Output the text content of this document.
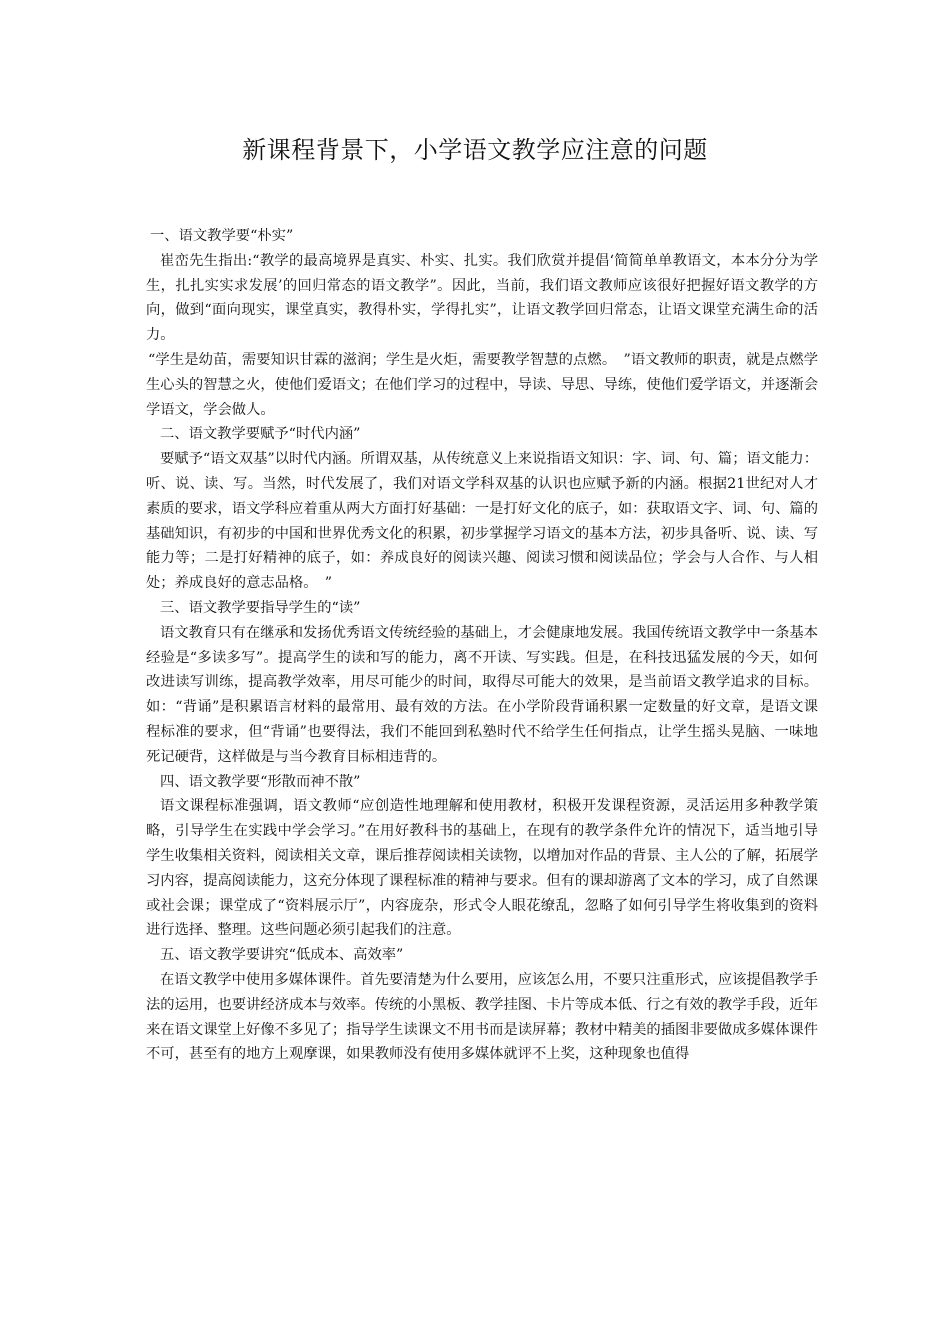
新课程背景下，小学语文教学应注意的问题

一、语文教学要“朴实”

崔峦先生指出:“教学的最高境界是真实、朴实、扎实。我们欣赏并提倡‘简简单单教语文，本本分分为学生，扎扎实实求发展’的回归常态的语文教学”。因此，当前，我们语文教师应该很好把握好语文教学的方向，做到“面向现实，课堂真实，教得朴实，学得扎实”，让语文教学回归常态，让语文课堂充满生命的活力。

“学生是幼苗，需要知识甘霖的滋润；学生是火炬，需要教学智慧的点燃。　”语文教师的职责，就是点燃学生心头的智慧之火，使他们爱语文；在他们学习的过程中，导读、导思、导练，使他们爱学语文，并逐渐会学语文，学会做人。

二、语文教学要赋予“时代内涵”

要赋予“语文双基”以时代内涵。所谓双基，从传统意义上来说指语文知识：字、词、句、篇；语文能力：听、说、读、写。当然，时代发展了，我们对语文学科双基的认识也应赋予新的内涵。根据21世纪对人才素质的要求，语文学科应着重从两大方面打好基础：一是打好文化的底子，如：获取语文字、词、句、篇的基础知识，有初步的中国和世界优秀文化的积累，初步掌握学习语文的基本方法，初步具备听、说、读、写能力等；二是打好精神的底子，如：养成良好的阅读兴趣、阅读习惯和阅读品位；学会与人合作、与人相处；养成良好的意志品格。　”

三、语文教学要指导学生的“读”

语文教育只有在继承和发扬优秀语文传统经验的基础上，才会健康地发展。我国传统语文教学中一条基本经验是“多读多写”。提高学生的读和写的能力，离不开读、写实践。但是，在科技迅猛发展的今天，如何改进读写训练，提高教学效率，用尽可能少的时间，取得尽可能大的效果，是当前语文教学追求的目标。如：“背诵”是积累语言材料的最常用、最有效的方法。在小学阶段背诵积累一定数量的好文章，是语文课程标准的要求，但“背诵”也要得法，我们不能回到私塾时代不给学生任何指点，让学生摇头晃脑、一味地死记硬背，这样做是与当今教育目标相违背的。

四、语文教学要“形散而神不散”

语文课程标准强调，语文教师“应创造性地理解和使用教材，积极开发课程资源，灵活运用多种教学策略，引导学生在实践中学会学习。”在用好教科书的基础上，在现有的教学条件允许的情况下，适当地引导学生收集相关资料，阅读相关文章，课后推荐阅读相关读物，以增加对作品的背景、主人公的了解，拓展学习内容，提高阅读能力，这充分体现了课程标准的精神与要求。但有的课却游离了文本的学习，成了自然课或社会课；课堂成了“资料展示厅”，内容庞杂，形式令人眼花缭乱，忽略了如何引导学生将收集到的资料进行选择、整理。这些问题必须引起我们的注意。

五、语文教学要讲究“低成本、高效率”

在语文教学中使用多媒体课件。首先要清楚为什么要用，应该怎么用，不要只注重形式，应该提倡教学手法的运用，也要讲经济成本与效率。传统的小黑板、教学挂图、卡片等成本低、行之有效的教学手段，近年来在语文课堂上好像不多见了；指导学生读课文不用书而是读屏幕；教材中精美的插图非要做成多媒体课件不可，甚至有的地方上观摩课，如果教师没有使用多媒体就评不上奖，这种现象也值得
